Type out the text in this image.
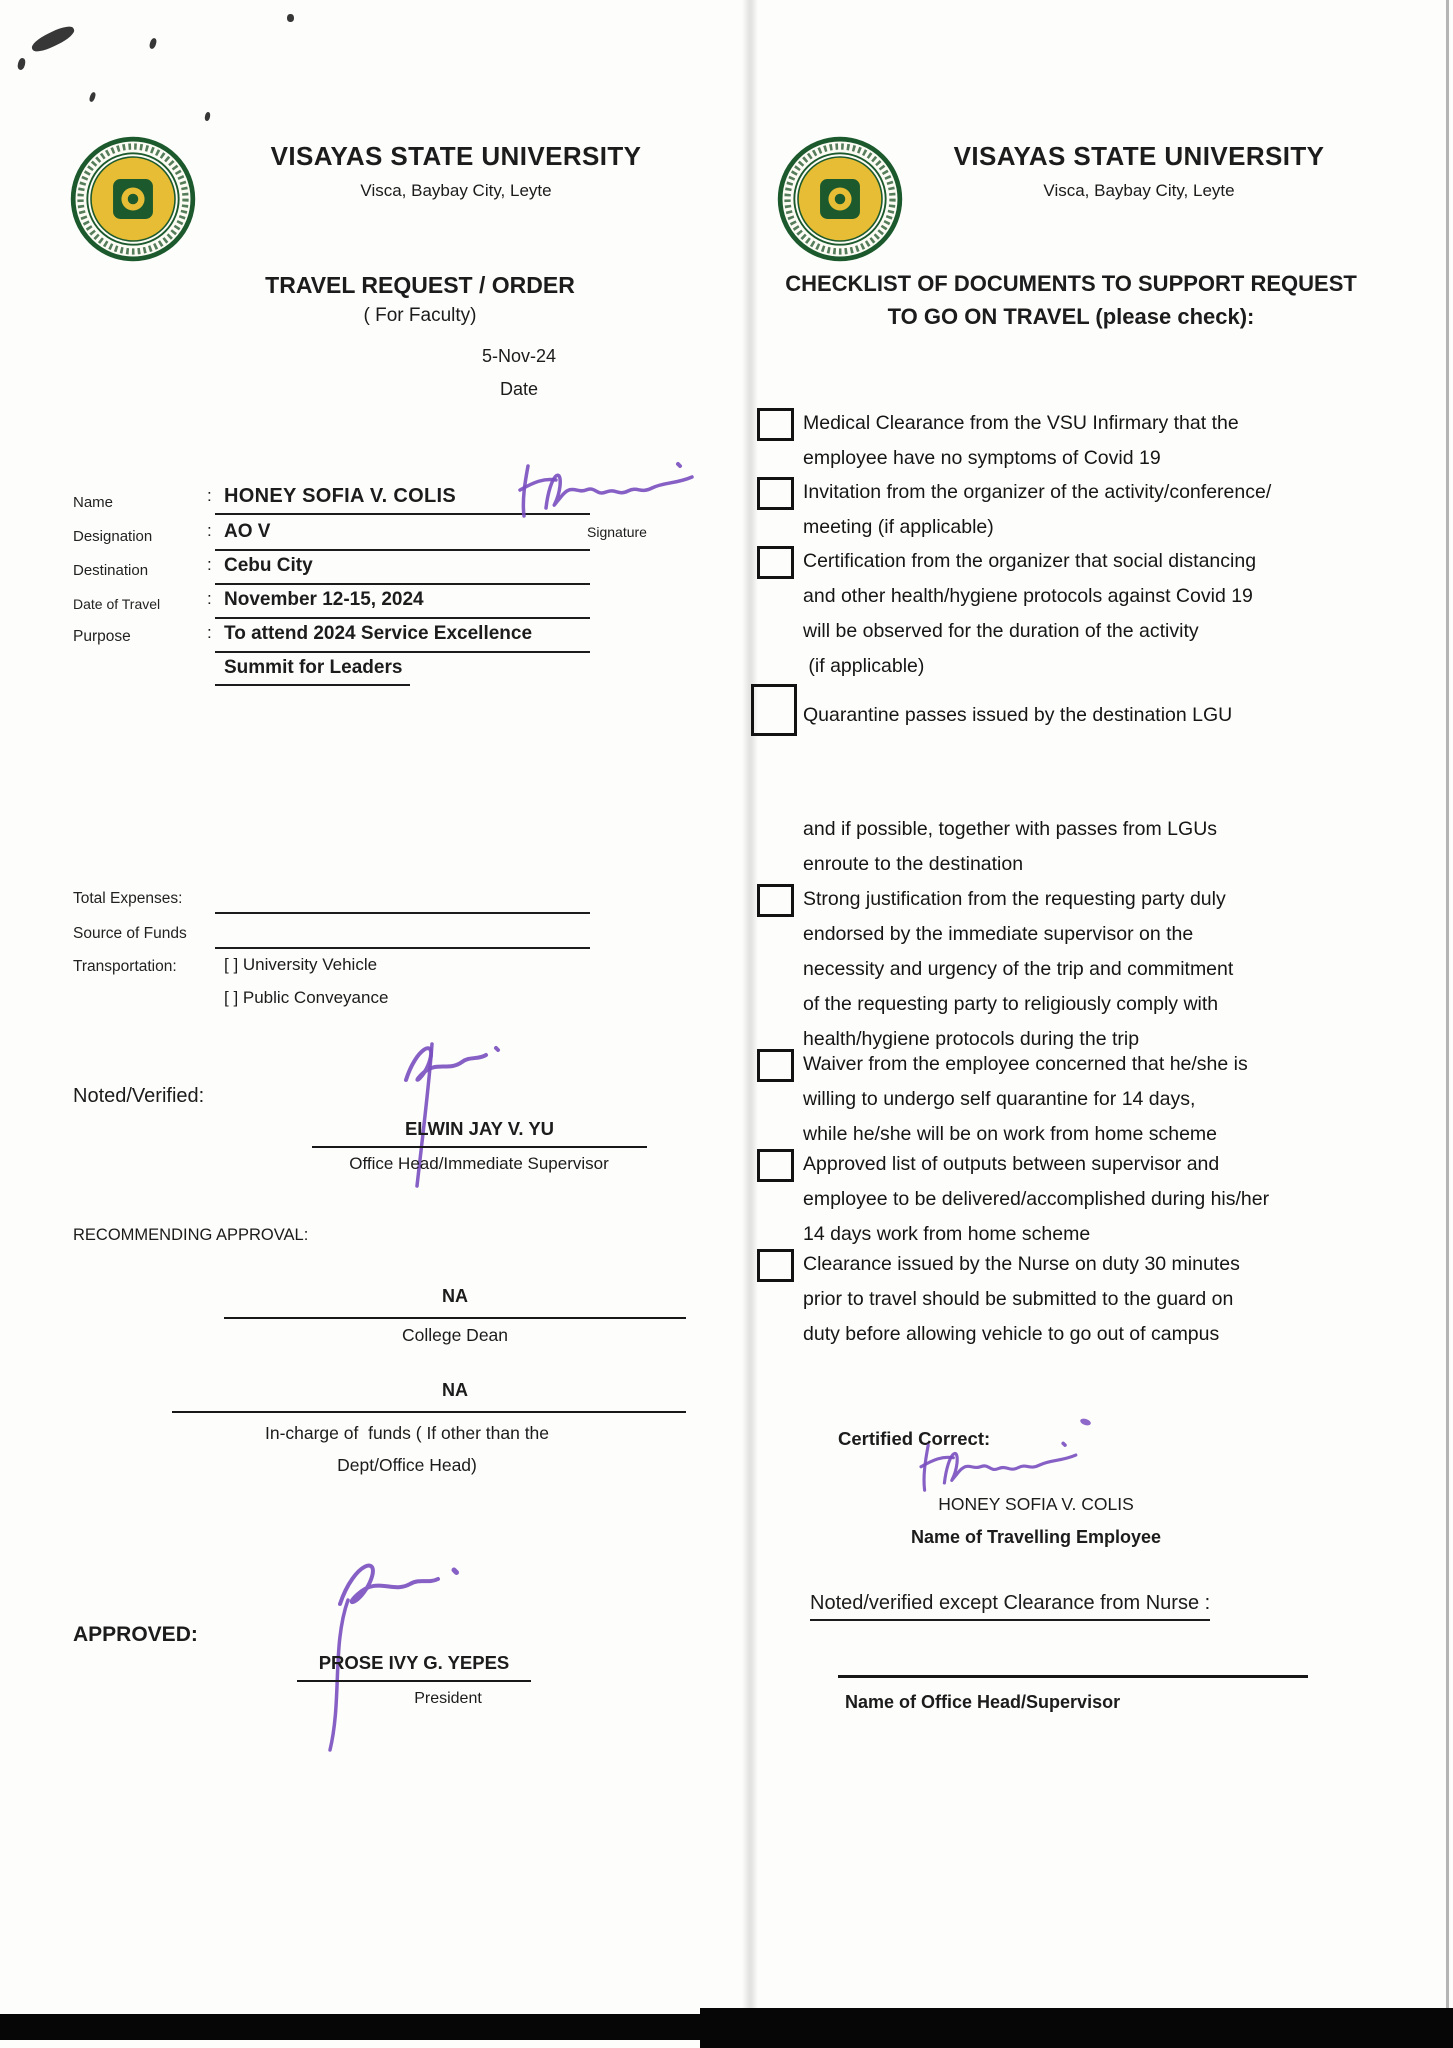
VISAYAS STATE UNIVERSITY
Visca, Baybay City, Leyte
TRAVEL REQUEST / ORDER
( For Faculty)
5-Nov-24
Date
Name	: HONEY SOFIA V. COLIS
Designation	: AO V
Destination	: Cebu City
Date of Travel	: November 12-15, 2024
Purpose	: To attend 2024 Service Excellence
Summit for Leaders
Signature
Total Expenses:
Source of Funds
Transportation:	[ ] University Vehicle
[ ] Public Conveyance
Noted/Verified:
ELWIN JAY V. YU
Office Head/Immediate Supervisor
RECOMMENDING APPROVAL:
NA
College Dean
NA
In-charge of  funds ( If other than the
Dept/Office Head)
APPROVED:
PROSE IVY G. YEPES
President
VISAYAS STATE UNIVERSITY
Visca, Baybay City, Leyte
CHECKLIST OF DOCUMENTS TO SUPPORT REQUEST
TO GO ON TRAVEL (please check):
Medical Clearance from the VSU Infirmary that the
employee have no symptoms of Covid 19
Invitation from the organizer of the activity/conference/
meeting (if applicable)
Certification from the organizer that social distancing
and other health/hygiene protocols against Covid 19
will be observed for the duration of the activity
(if applicable)
Quarantine passes issued by the destination LGU
and if possible, together with passes from LGUs
enroute to the destination
Strong justification from the requesting party duly
endorsed by the immediate supervisor on the
necessity and urgency of the trip and commitment
of the requesting party to religiously comply with
health/hygiene protocols during the trip
Waiver from the employee concerned that he/she is
willing to undergo self quarantine for 14 days,
while he/she will be on work from home scheme
Approved list of outputs between supervisor and
employee to be delivered/accomplished during his/her
14 days work from home scheme
Clearance issued by the Nurse on duty 30 minutes
prior to travel should be submitted to the guard on
duty before allowing vehicle to go out of campus
Certified Correct:
HONEY SOFIA V. COLIS
Name of Travelling Employee
Noted/verified except Clearance from Nurse :
Name of Office Head/Supervisor
